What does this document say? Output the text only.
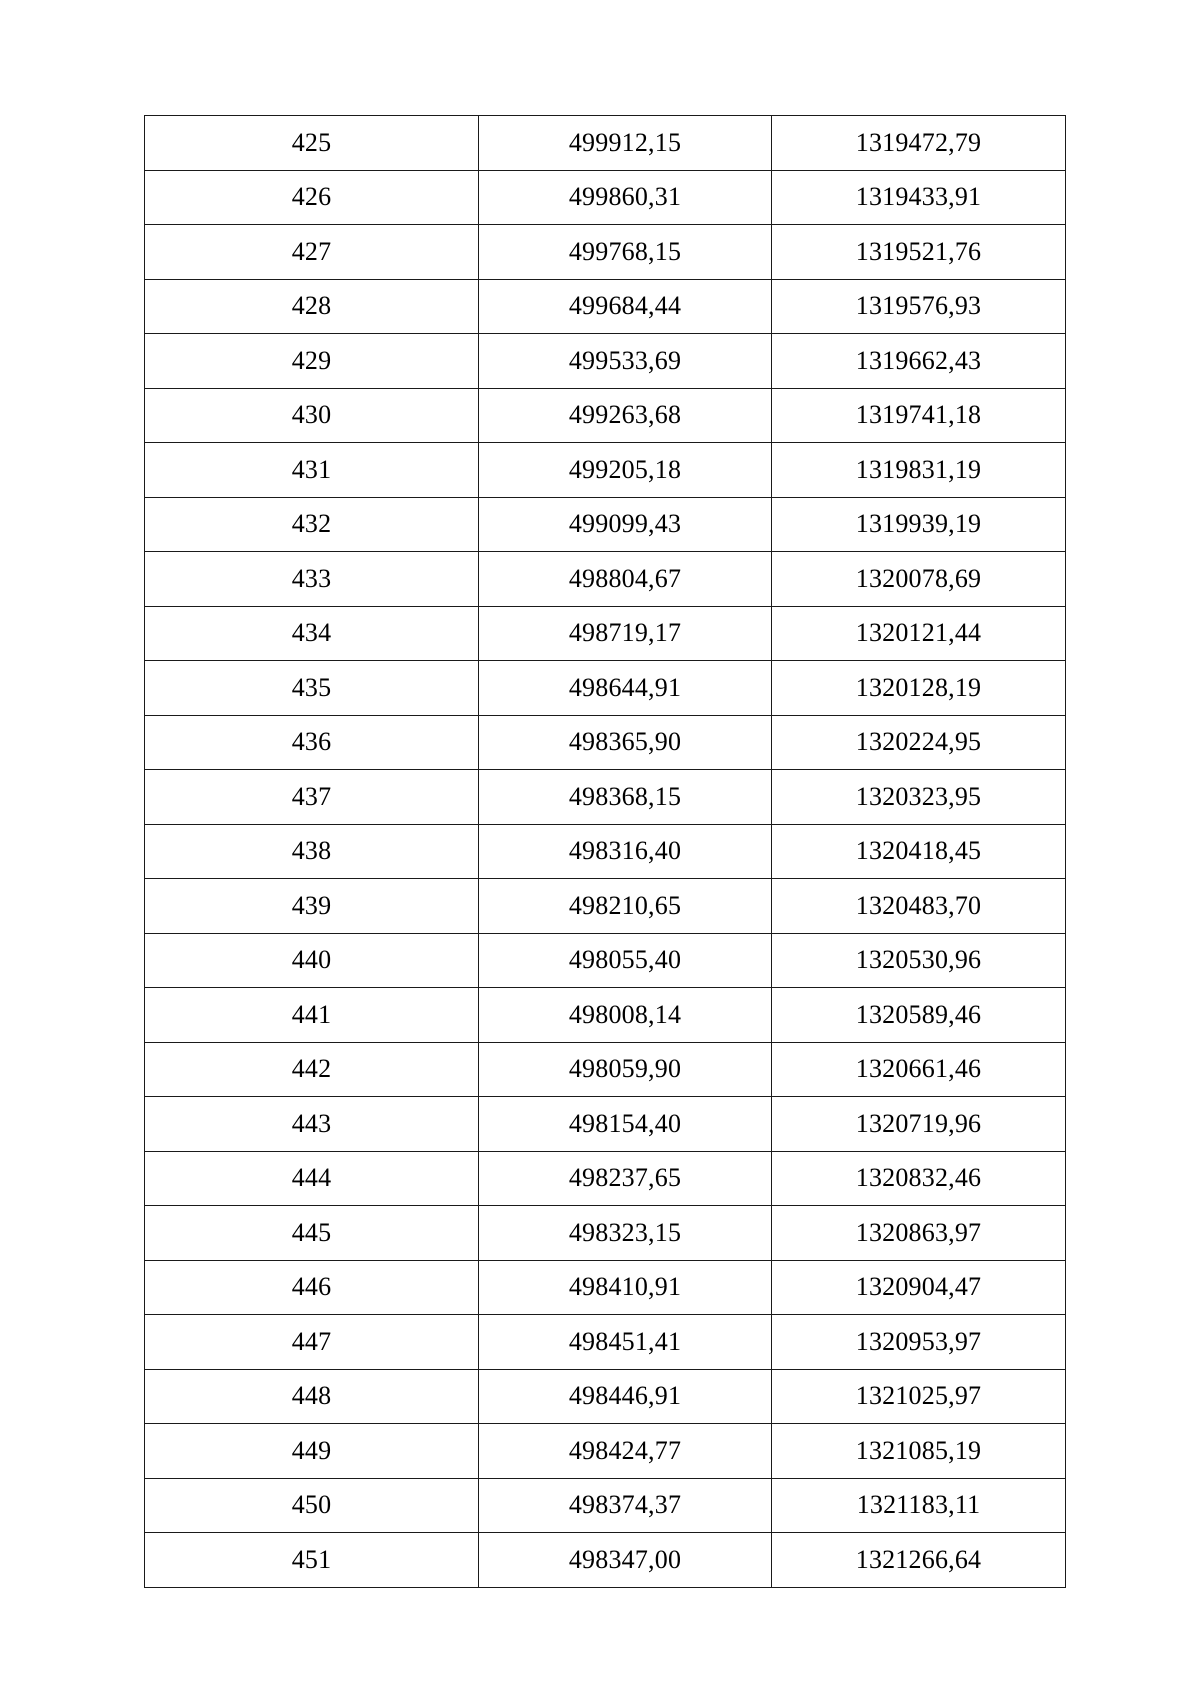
425	499912,15	1319472,79
426	499860,31	1319433,91
427	499768,15	1319521,76
428	499684,44	1319576,93
429	499533,69	1319662,43
430	499263,68	1319741,18
431	499205,18	1319831,19
432	499099,43	1319939,19
433	498804,67	1320078,69
434	498719,17	1320121,44
435	498644,91	1320128,19
436	498365,90	1320224,95
437	498368,15	1320323,95
438	498316,40	1320418,45
439	498210,65	1320483,70
440	498055,40	1320530,96
441	498008,14	1320589,46
442	498059,90	1320661,46
443	498154,40	1320719,96
444	498237,65	1320832,46
445	498323,15	1320863,97
446	498410,91	1320904,47
447	498451,41	1320953,97
448	498446,91	1321025,97
449	498424,77	1321085,19
450	498374,37	1321183,11
451	498347,00	1321266,64
